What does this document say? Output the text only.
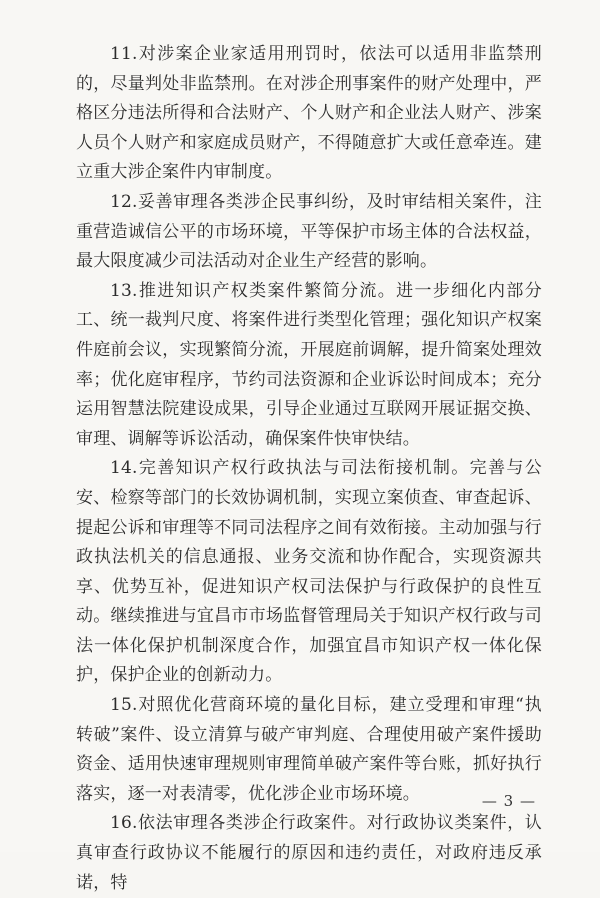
11.对涉案企业家适用刑罚时，依法可以适用非监禁刑的，尽量判处非监禁刑。在对涉企刑事案件的财产处理中，严格区分违法所得和合法财产、个人财产和企业法人财产、涉案人员个人财产和家庭成员财产，不得随意扩大或任意牵连。建立重大涉企案件内审制度。

12.妥善审理各类涉企民事纠纷，及时审结相关案件，注重营造诚信公平的市场环境，平等保护市场主体的合法权益，最大限度减少司法活动对企业生产经营的影响。

13.推进知识产权类案件繁简分流。进一步细化内部分工、统一裁判尺度、将案件进行类型化管理；强化知识产权案件庭前会议，实现繁简分流，开展庭前调解，提升简案处理效率；优化庭审程序，节约司法资源和企业诉讼时间成本；充分运用智慧法院建设成果，引导企业通过互联网开展证据交换、审理、调解等诉讼活动，确保案件快审快结。

14.完善知识产权行政执法与司法衔接机制。完善与公安、检察等部门的长效协调机制，实现立案侦查、审查起诉、提起公诉和审理等不同司法程序之间有效衔接。主动加强与行政执法机关的信息通报、业务交流和协作配合，实现资源共享、优势互补，促进知识产权司法保护与行政保护的良性互动。继续推进与宜昌市市场监督管理局关于知识产权行政与司法一体化保护机制深度合作，加强宜昌市知识产权一体化保护，保护企业的创新动力。

15.对照优化营商环境的量化目标，建立受理和审理“执转破”案件、设立清算与破产审判庭、合理使用破产案件援助资金、适用快速审理规则审理简单破产案件等台账，抓好执行落实，逐一对表清零，优化涉企业市场环境。

16.依法审理各类涉企行政案件。对行政协议类案件，认真审查行政协议不能履行的原因和违约责任，对政府违反承诺，特

— 3 —
